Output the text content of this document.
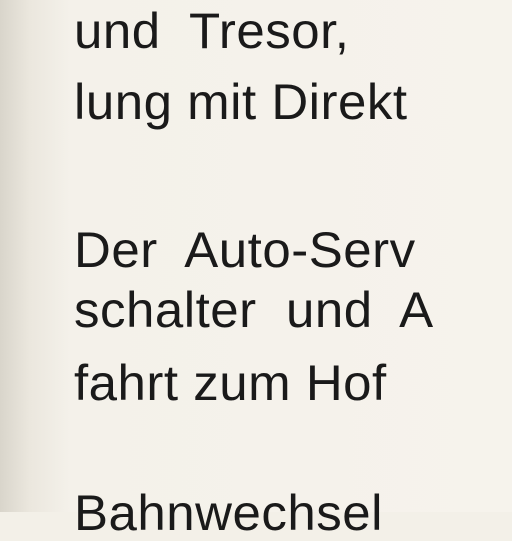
und  Tresor,
lung mit Direkt
Der  Auto-Serv
schalter  und  A
fahrt zum Hof
Bahnwechsel
